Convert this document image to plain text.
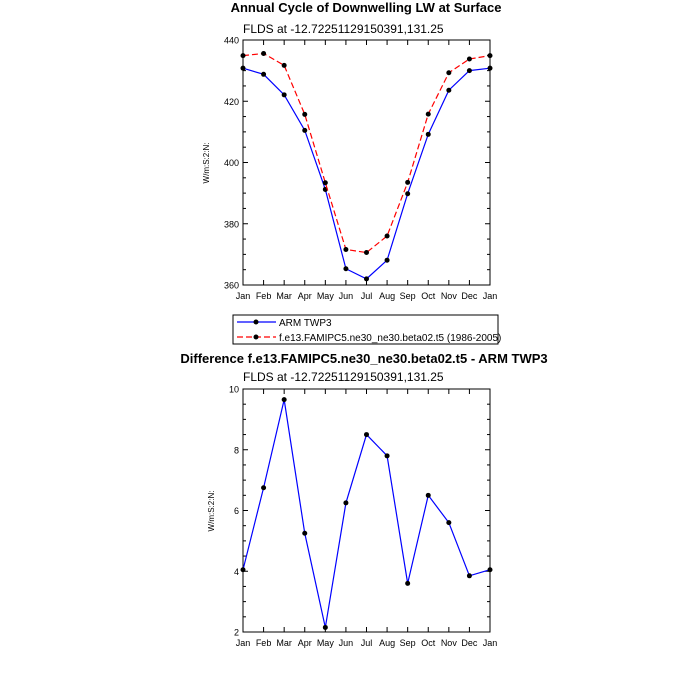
Annual Cycle of Downwelling LW at Surface
FLDS at -12.72251129150391,131.25
W/m:S:2:N:
360
380
400
420
440
Jan Feb Mar Apr May Jun Jul Aug Sep Oct Nov Dec Jan
ARM TWP3
f.e13.FAMIPC5.ne30_ne30.beta02.t5 (1986-2005)
Difference f.e13.FAMIPC5.ne30_ne30.beta02.t5 - ARM TWP3
FLDS at -12.72251129150391,131.25
W/m:S:2:N:
2
4
6
8
10
Jan Feb Mar Apr May Jun Jul Aug Sep Oct Nov Dec Jan
